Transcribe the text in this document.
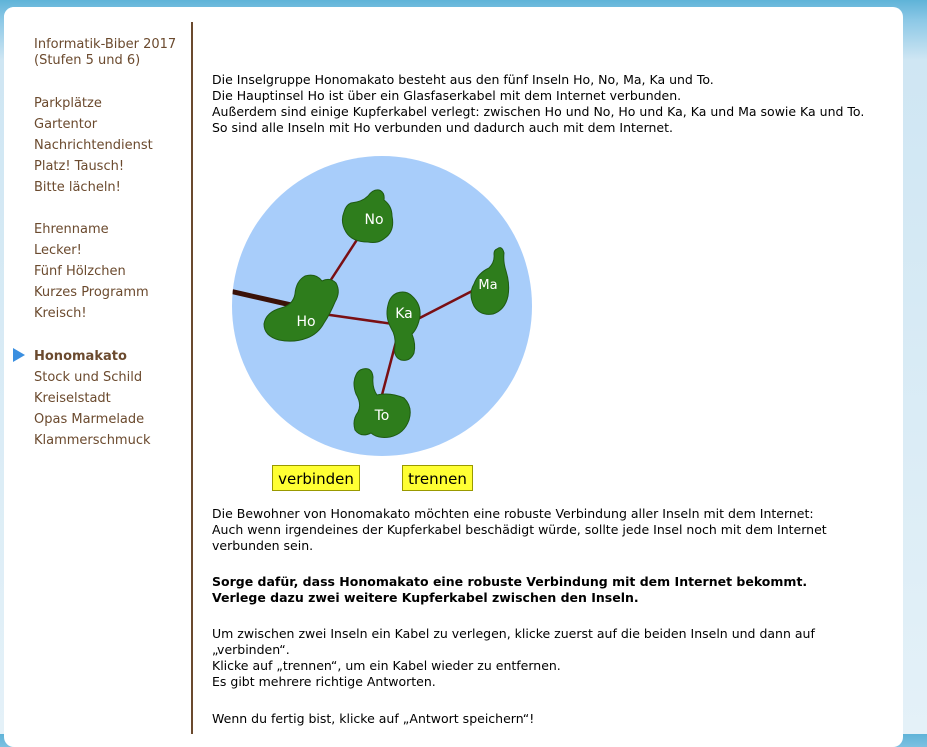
Informatik-Biber 2017
(Stufen 5 und 6)
Parkplätze
Gartentor
Nachrichtendienst
Platz! Tausch!
Bitte lächeln!
Ehrenname
Lecker!
Fünf Hölzchen
Kurzes Programm
Kreisch!
Honomakato
Stock und Schild
Kreiselstadt
Opas Marmelade
Klammerschmuck

Die Inselgruppe Honomakato besteht aus den fünf Inseln Ho, No, Ma, Ka und To.

Die Hauptinsel Ho ist über ein Glasfaserkabel mit dem Internet verbunden.

Außerdem sind einige Kupferkabel verlegt: zwischen Ho und No, Ho und Ka, Ka und Ma sowie Ka und To.

So sind alle Inseln mit Ho verbunden und dadurch auch mit dem Internet.

No
Ho	Ka
Ma
To
verbinden	trennen

Die Bewohner von Honomakato möchten eine robuste Verbindung aller Inseln mit dem Internet:

Auch wenn irgendeines der Kupferkabel beschädigt würde, sollte jede Insel noch mit dem Internet verbunden sein.

Sorge dafür, dass Honomakato eine robuste Verbindung mit dem Internet bekommt.

Verlege dazu zwei weitere Kupferkabel zwischen den Inseln.

Um zwischen zwei Inseln ein Kabel zu verlegen, klicke zuerst auf die beiden Inseln und dann auf „verbinden“.

Klicke auf „trennen“, um ein Kabel wieder zu entfernen.

Es gibt mehrere richtige Antworten.

Wenn du fertig bist, klicke auf „Antwort speichern“!
